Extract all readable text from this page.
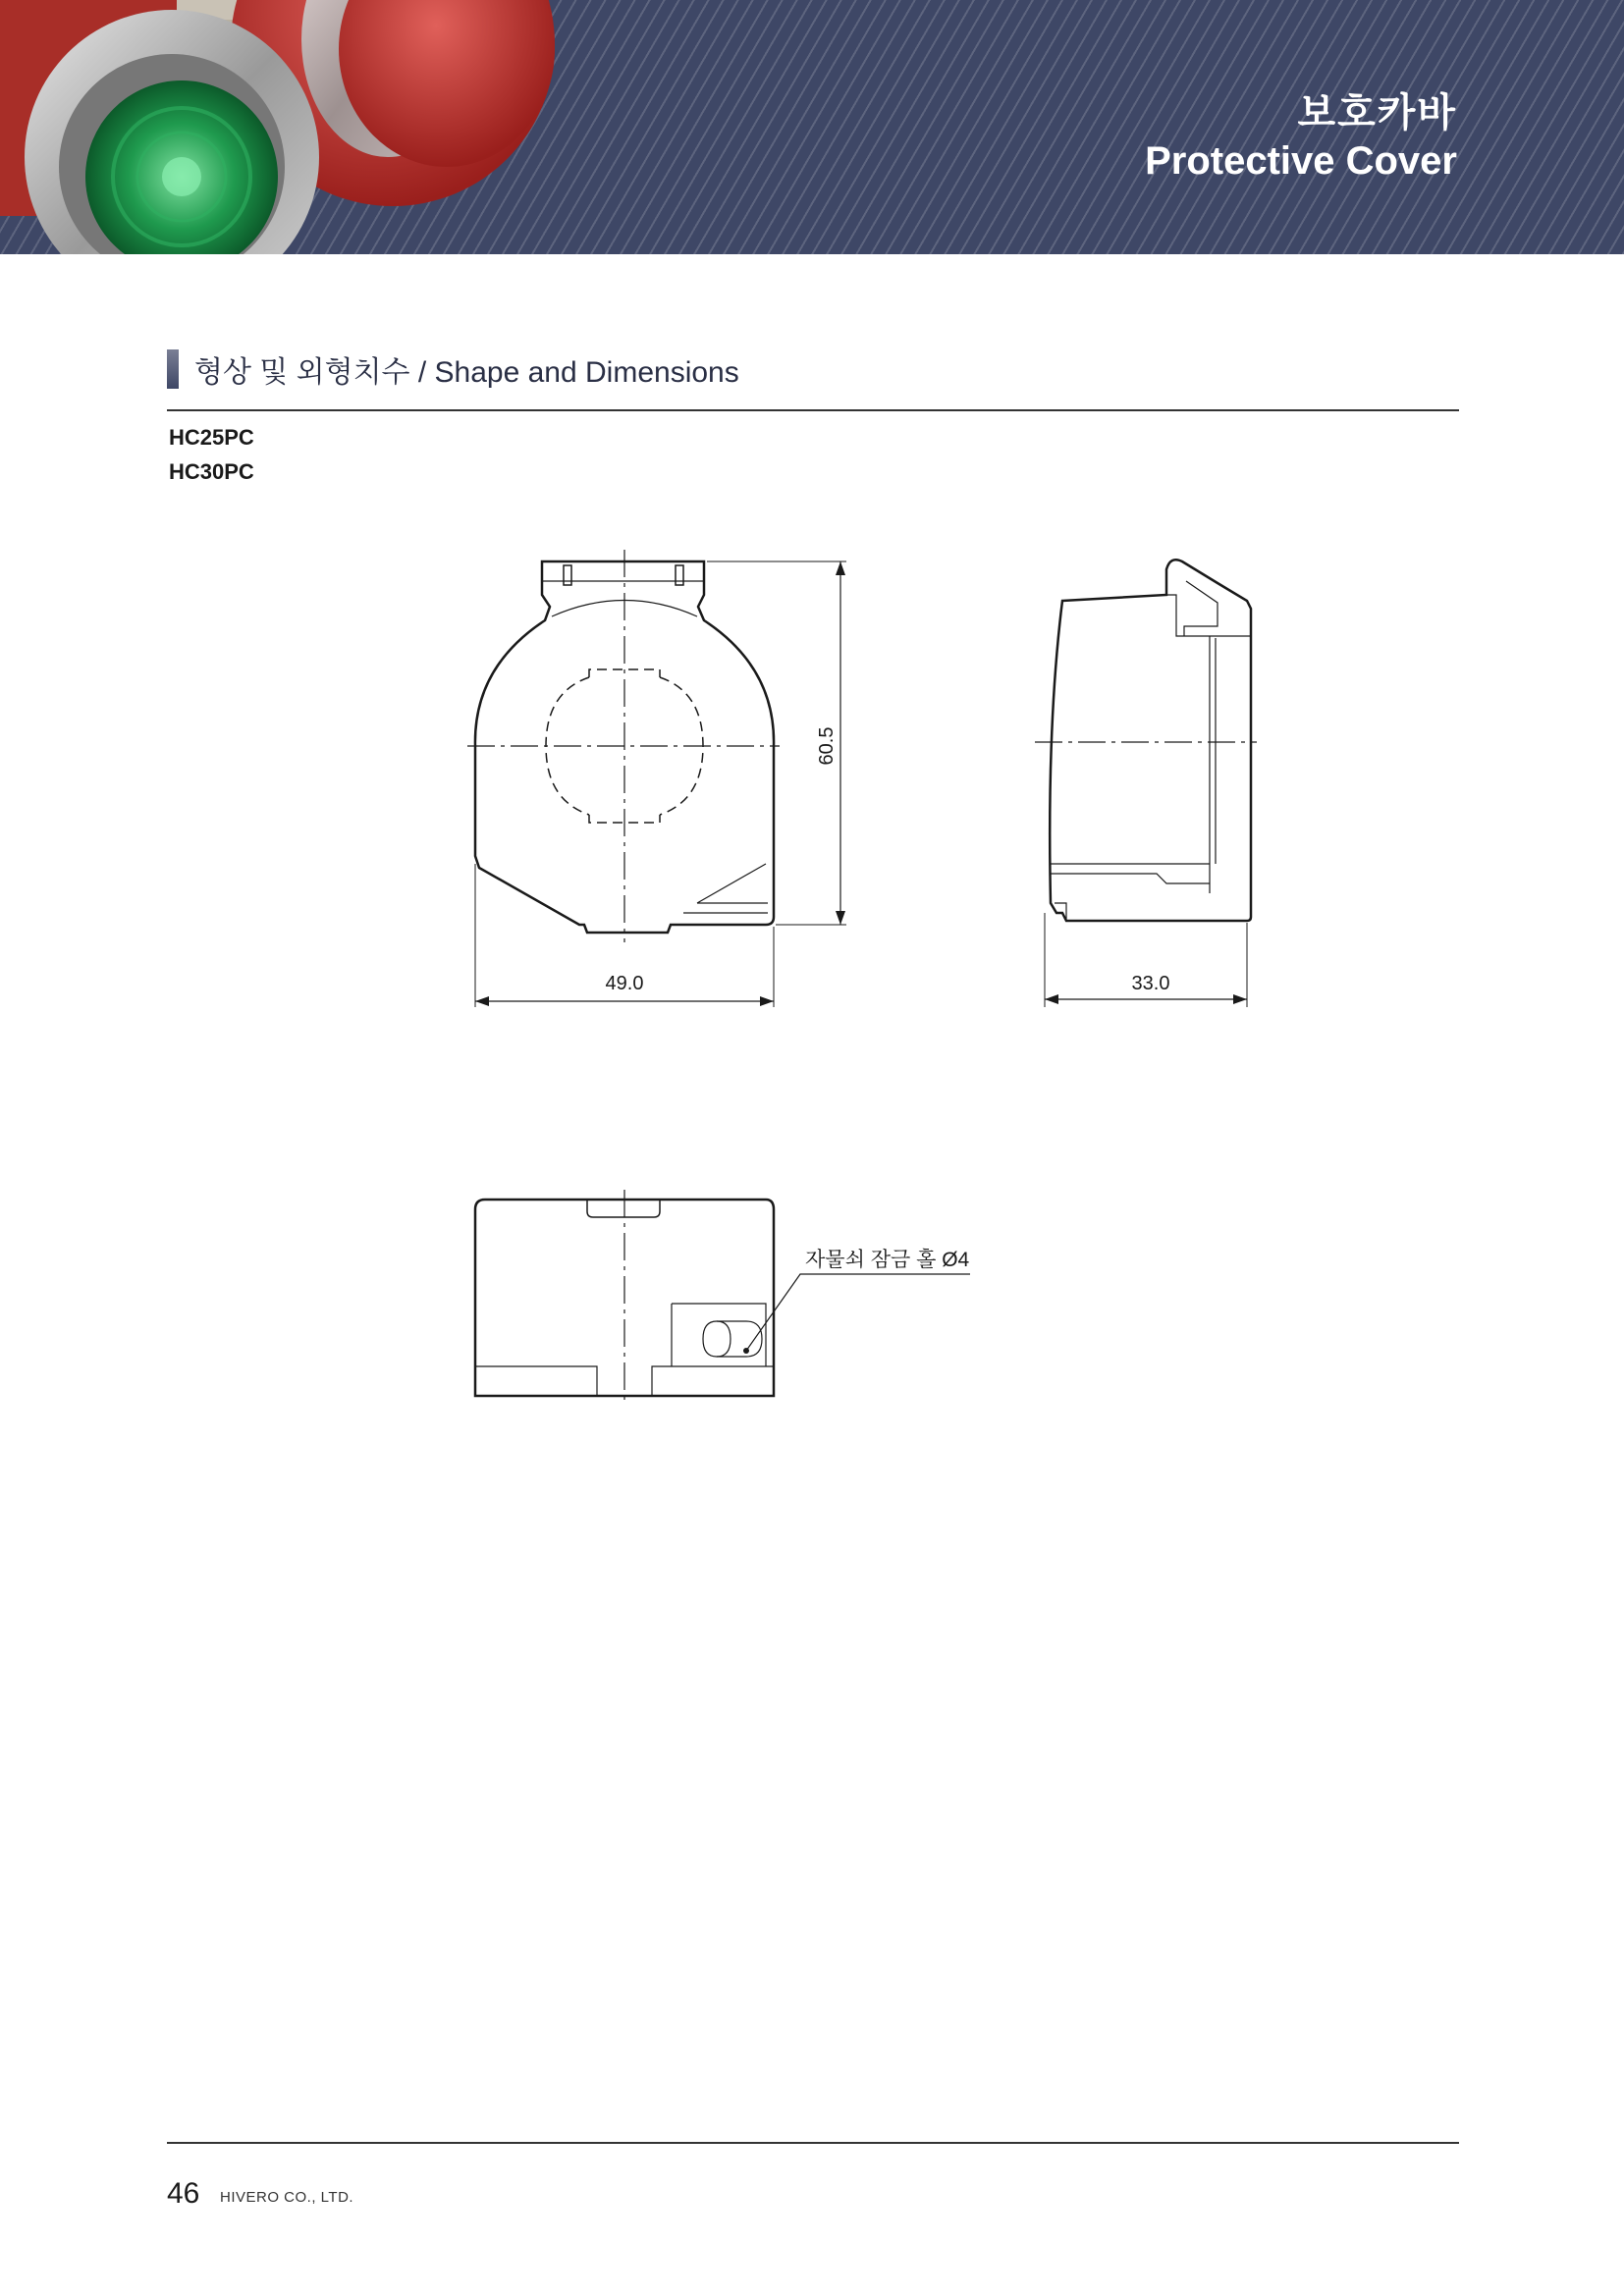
보호카바
Protective Cover
형상 및 외형치수 / Shape and Dimensions
HC25PC
HC30PC
60.5
49.0	33.0
자물쇠 잠금 홀 Ø4
46 HIVERO CO., LTD.
